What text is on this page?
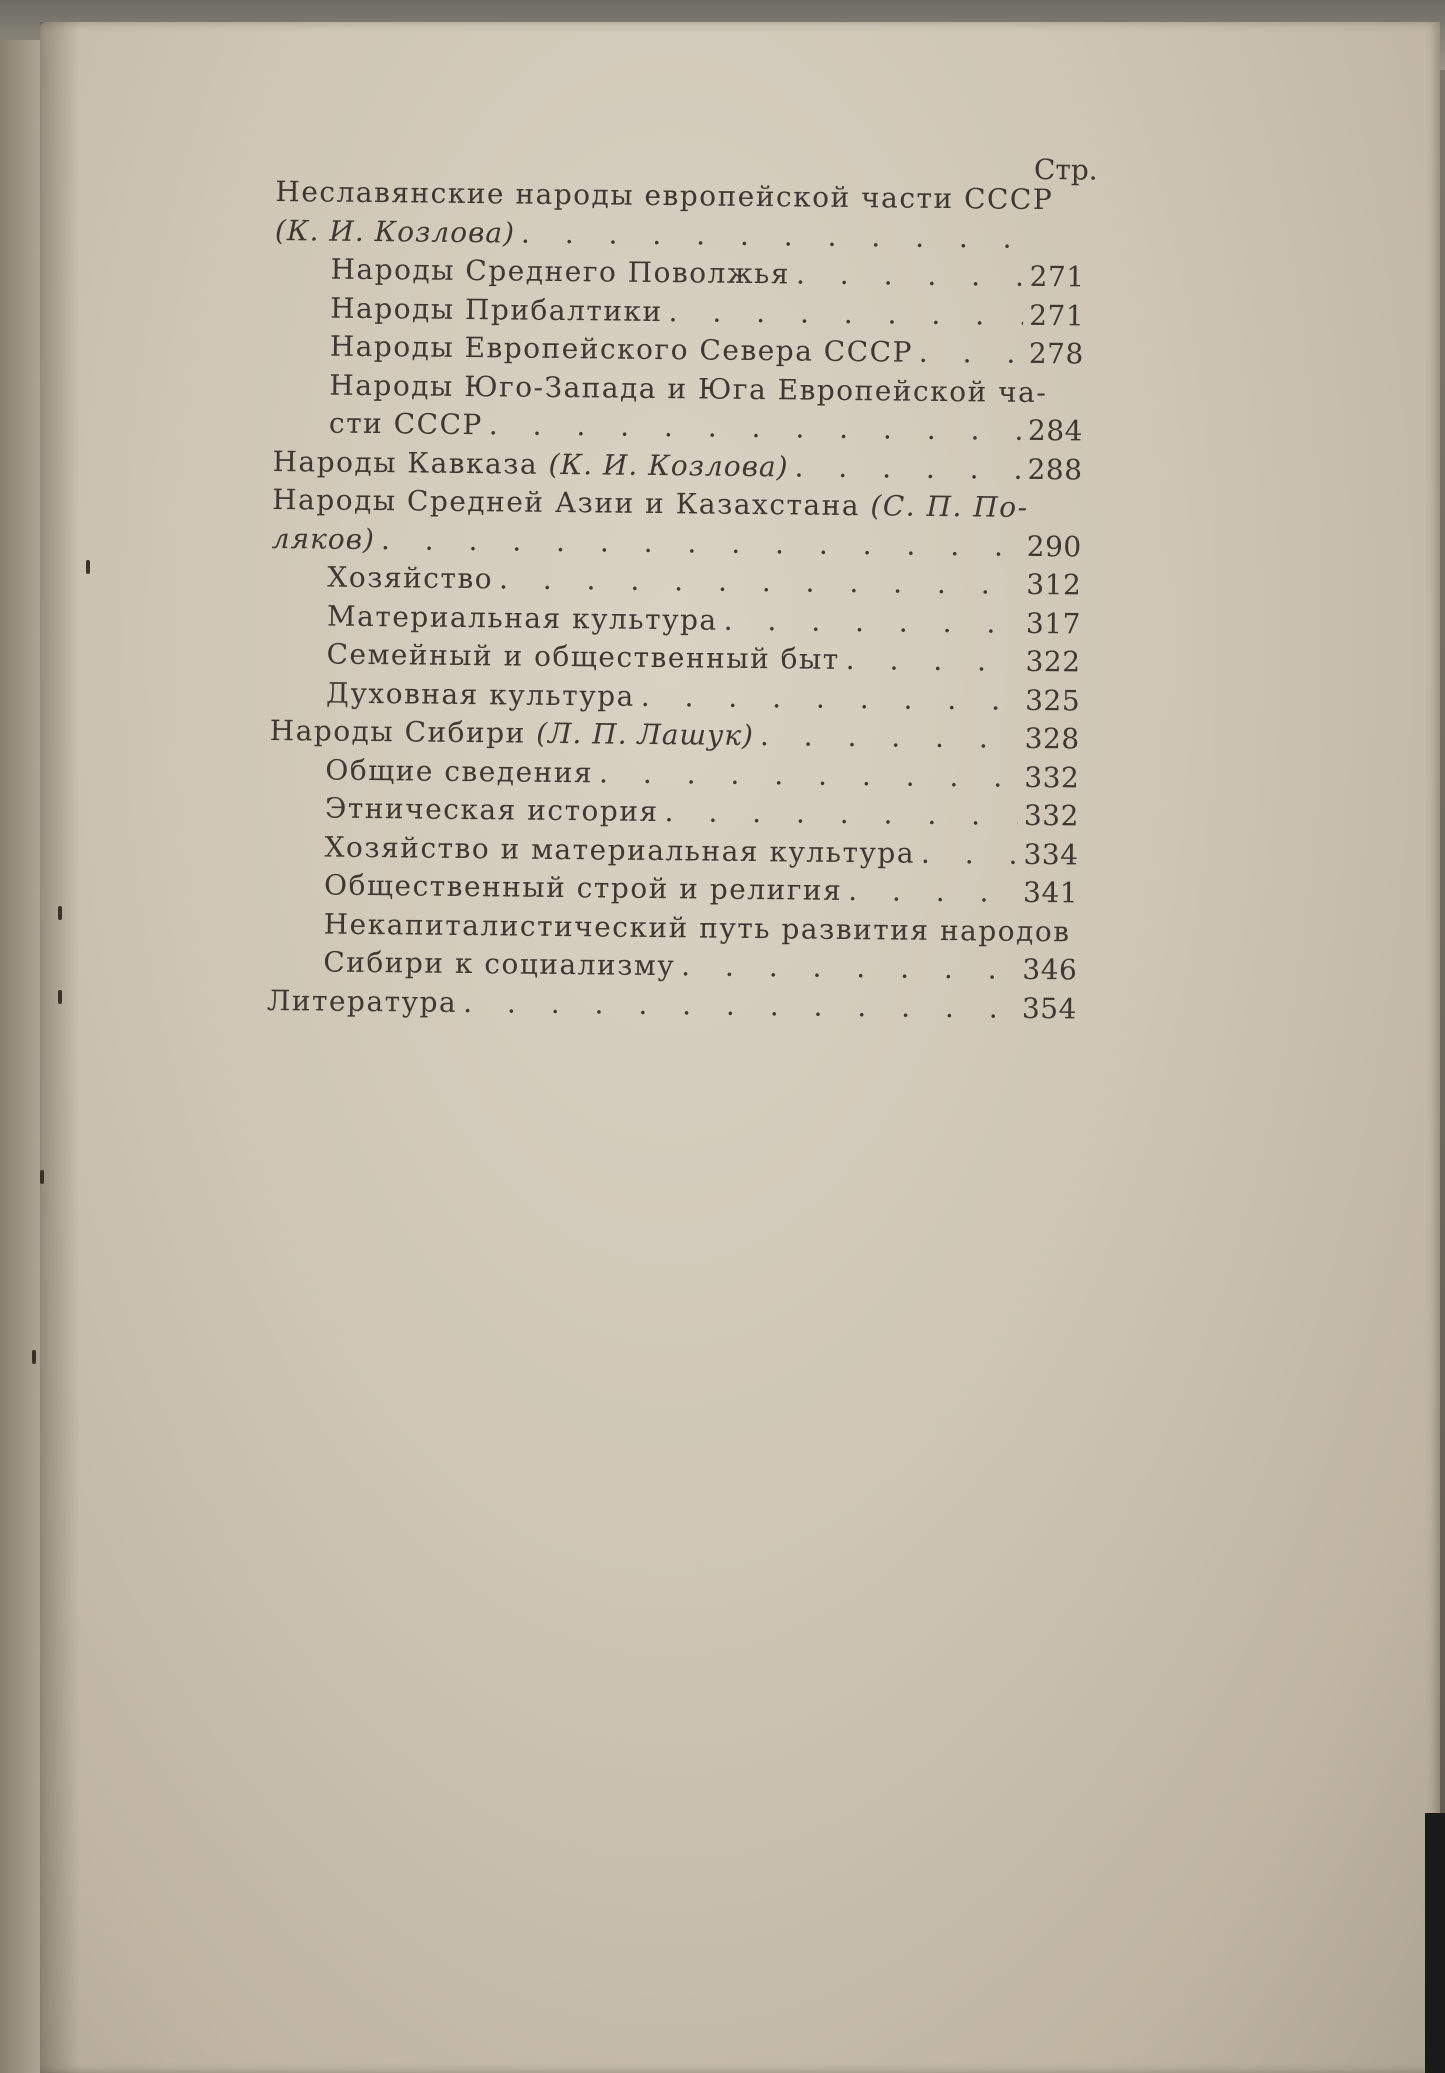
Стр.
Неславянские народы европейской части СССР
(К. И. Козлова)
. . .
Народы Среднего Поволжья . . .	271
Народы Прибалтики . . .	271
Народы Европейского Севера СССР . . .	278
Народы Юго-Запада и Юга Европейской ча-
сти СССР . . .	284
Народы Кавказа (К. И. Козлова) . . .	288
Народы Средней Азии и Казахстана (С. П. По-
ляков) . . .	290
Хозяйство . . .	312
Материальная культура . . .	317
Семейный и общественный быт . . .	322
Духовная культура . . .	325
Народы Сибири (Л. П. Лашук) . . .	328
Общие сведения . . .	332
Этническая история . . .	332
Хозяйство и материальная культура . . .	334
Общественный строй и религия . . .	341
Некапиталистический путь развития народов
Сибири к социализму . . .	346
Литература . . .	354
